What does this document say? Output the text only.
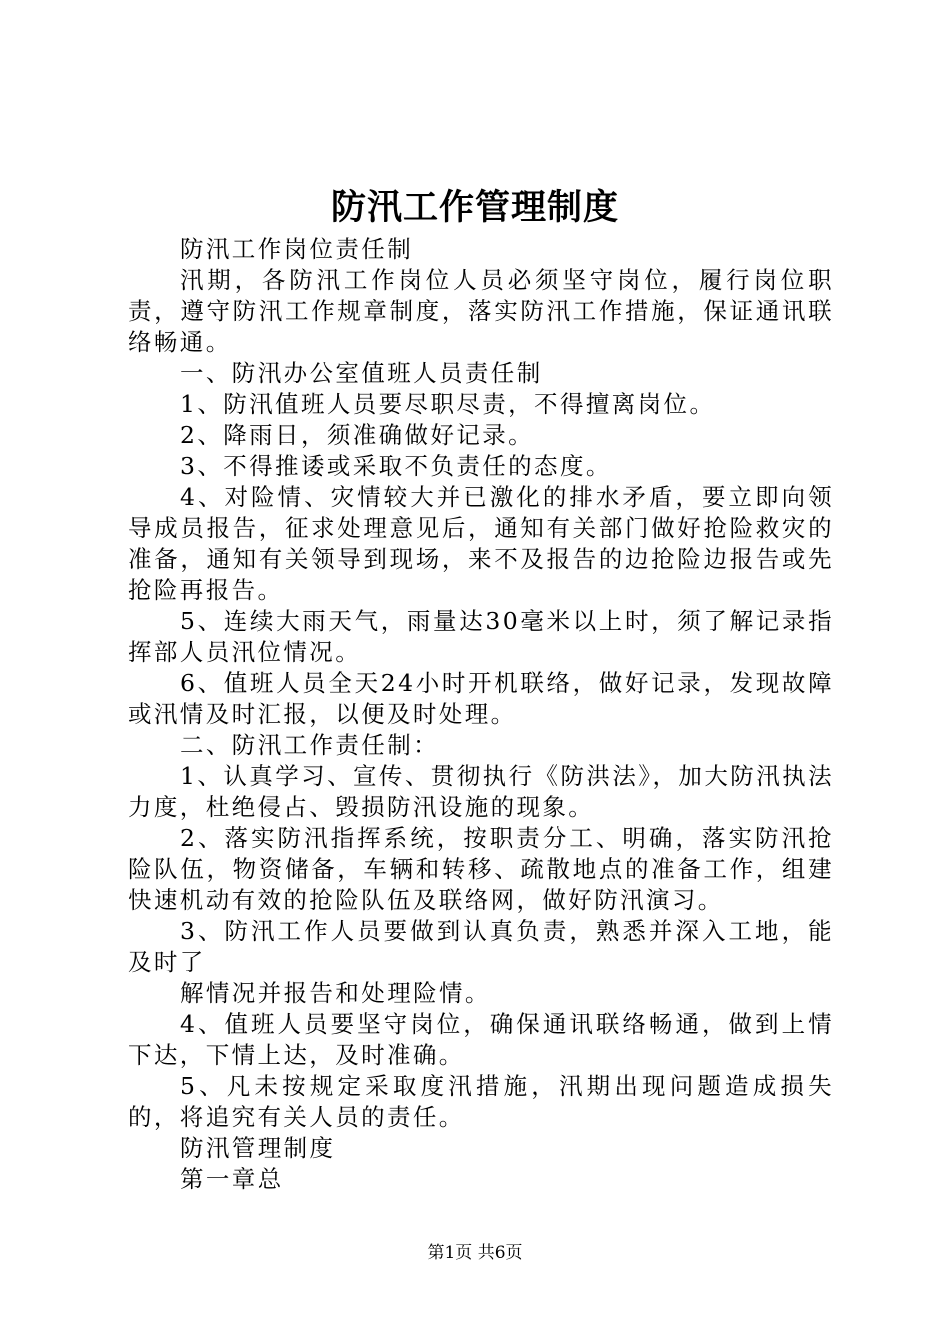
防汛工作管理制度

防汛工作岗位责任制

汛期，各防汛工作岗位人员必须坚守岗位，履行岗位职责，遵守防汛工作规章制度，落实防汛工作措施，保证通讯联络畅通。

一、防汛办公室值班人员责任制

1、防汛值班人员要尽职尽责，不得擅离岗位。

2、降雨日，须准确做好记录。

3、不得推诿或采取不负责任的态度。

4、对险情、灾情较大并已激化的排水矛盾，要立即向领导成员报告，征求处理意见后，通知有关部门做好抢险救灾的准备，通知有关领导到现场，来不及报告的边抢险边报告或先抢险再报告。

5、连续大雨天气，雨量达30毫米以上时，须了解记录指挥部人员汛位情况。

6、值班人员全天24小时开机联络，做好记录，发现故障或汛情及时汇报，以便及时处理。

二、防汛工作责任制：

1、认真学习、宣传、贯彻执行《防洪法》，加大防汛执法力度，杜绝侵占、毁损防汛设施的现象。

2、落实防汛指挥系统，按职责分工、明确，落实防汛抢险队伍，物资储备，车辆和转移、疏散地点的准备工作，组建快速机动有效的抢险队伍及联络网，做好防汛演习。

3、防汛工作人员要做到认真负责，熟悉并深入工地，能及时了

解情况并报告和处理险情。

4、值班人员要坚守岗位，确保通讯联络畅通，做到上情下达，下情上达，及时准确。

5、凡未按规定采取度汛措施，汛期出现问题造成损失的，将追究有关人员的责任。

防汛管理制度

第一章总

第1页 共6页
